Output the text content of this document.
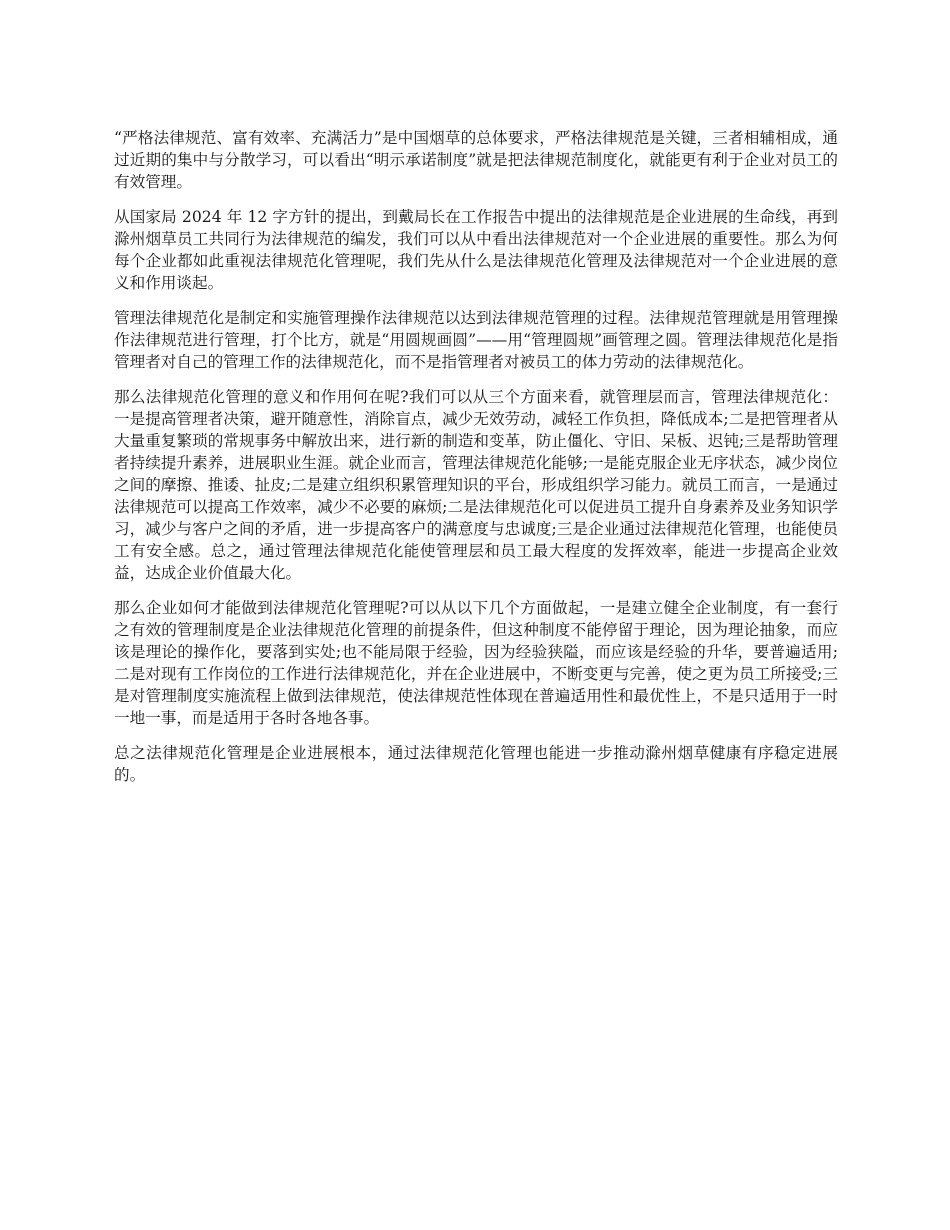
“严格法律规范、富有效率、充满活力”是中国烟草的总体要求，严格法律规范是关键，三者相辅相成，通过近期的集中与分散学习，可以看出“明示承诺制度”就是把法律规范制度化，就能更有利于企业对员工的有效管理。

从国家局 2024 年 12 字方针的提出，到戴局长在工作报告中提出的法律规范是企业进展的生命线，再到滁州烟草员工共同行为法律规范的编发，我们可以从中看出法律规范对一个企业进展的重要性。那么为何每个企业都如此重视法律规范化管理呢，我们先从什么是法律规范化管理及法律规范对一个企业进展的意义和作用谈起。

管理法律规范化是制定和实施管理操作法律规范以达到法律规范管理的过程。法律规范管理就是用管理操作法律规范进行管理，打个比方，就是“用圆规画圆”——用“管理圆规”画管理之圆。管理法律规范化是指管理者对自己的管理工作的法律规范化，而不是指管理者对被员工的体力劳动的法律规范化。

那么法律规范化管理的意义和作用何在呢?我们可以从三个方面来看，就管理层而言，管理法律规范化：一是提高管理者决策，避开随意性，消除盲点，减少无效劳动，减轻工作负担，降低成本;二是把管理者从大量重复繁琐的常规事务中解放出来，进行新的制造和变革，防止僵化、守旧、呆板、迟钝;三是帮助管理者持续提升素养，进展职业生涯。就企业而言，管理法律规范化能够;一是能克服企业无序状态，减少岗位之间的摩擦、推诿、扯皮;二是建立组织积累管理知识的平台，形成组织学习能力。就员工而言，一是通过法律规范可以提高工作效率，减少不必要的麻烦;二是法律规范化可以促进员工提升自身素养及业务知识学习，减少与客户之间的矛盾，进一步提高客户的满意度与忠诚度;三是企业通过法律规范化管理，也能使员工有安全感。总之，通过管理法律规范化能使管理层和员工最大程度的发挥效率，能进一步提高企业效益，达成企业价值最大化。

那么企业如何才能做到法律规范化管理呢?可以从以下几个方面做起，一是建立健全企业制度，有一套行之有效的管理制度是企业法律规范化管理的前提条件，但这种制度不能停留于理论，因为理论抽象，而应该是理论的操作化，要落到实处;也不能局限于经验，因为经验狭隘，而应该是经验的升华，要普遍适用;二是对现有工作岗位的工作进行法律规范化，并在企业进展中，不断变更与完善，使之更为员工所接受;三是对管理制度实施流程上做到法律规范，使法律规范性体现在普遍适用性和最优性上，不是只适用于一时一地一事，而是适用于各时各地各事。

总之法律规范化管理是企业进展根本，通过法律规范化管理也能进一步推动滁州烟草健康有序稳定进展的。
